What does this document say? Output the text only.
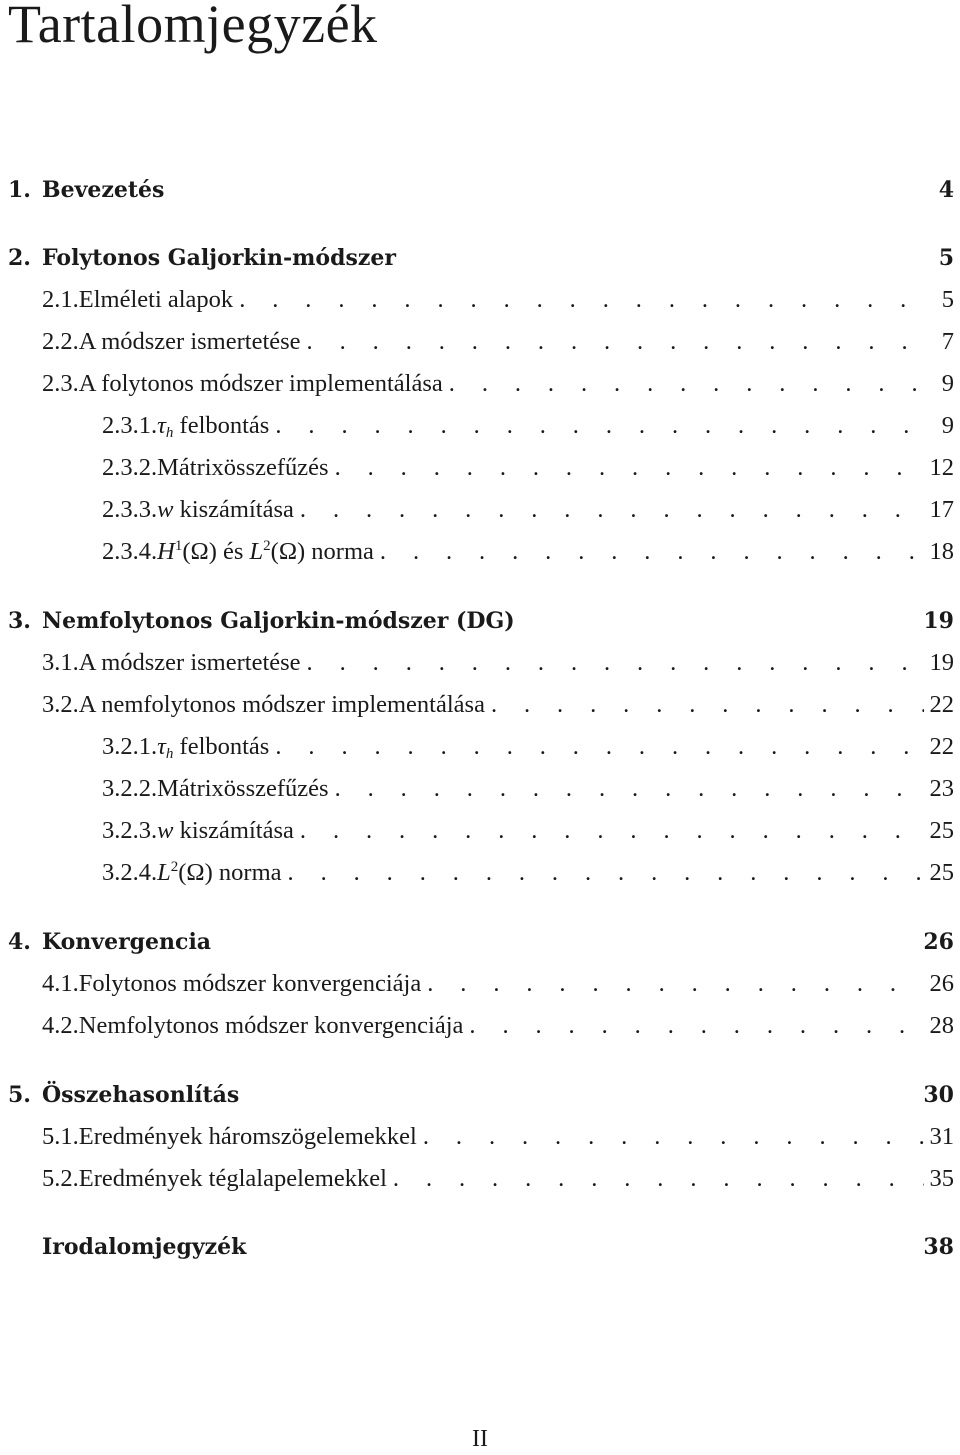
Tartalomjegyzék
1. Bevezetés	4
2. Folytonos Galjorkin-módszer	5
2.1. Elméleti alapok . . .	5
2.2. A módszer ismertetése . . .	7
2.3. A folytonos módszer implementálása . . .	9
2.3.1. $\tau_h$ felbontás . . .	9
2.3.2. Mátrixösszefűzés . . .	12
2.3.3. w kiszámítása . . .	17
2.3.4. $H^1(\Omega)$ és $L^2(\Omega)$ norma . . .	18
3. Nemfolytonos Galjorkin-módszer (DG)	19
3.1. A módszer ismertetése . . .	19
3.2. A nemfolytonos módszer implementálása . . .	22
3.2.1. $\tau_h$ felbontás . . .	22
3.2.2. Mátrixösszefűzés . . .	23
3.2.3. w kiszámítása . . .	25
3.2.4. $L^2(\Omega)$ norma . . .	25
4. Konvergencia	26
4.1. Folytonos módszer konvergenciája . . .	26
4.2. Nemfolytonos módszer konvergenciája . . .	28
5. Összehasonlítás	30
5.1. Eredmények háromszögelemekkel . . .	31
5.2. Eredmények téglalapelemekkel . . .	35
Irodalomjegyzék	38
II
